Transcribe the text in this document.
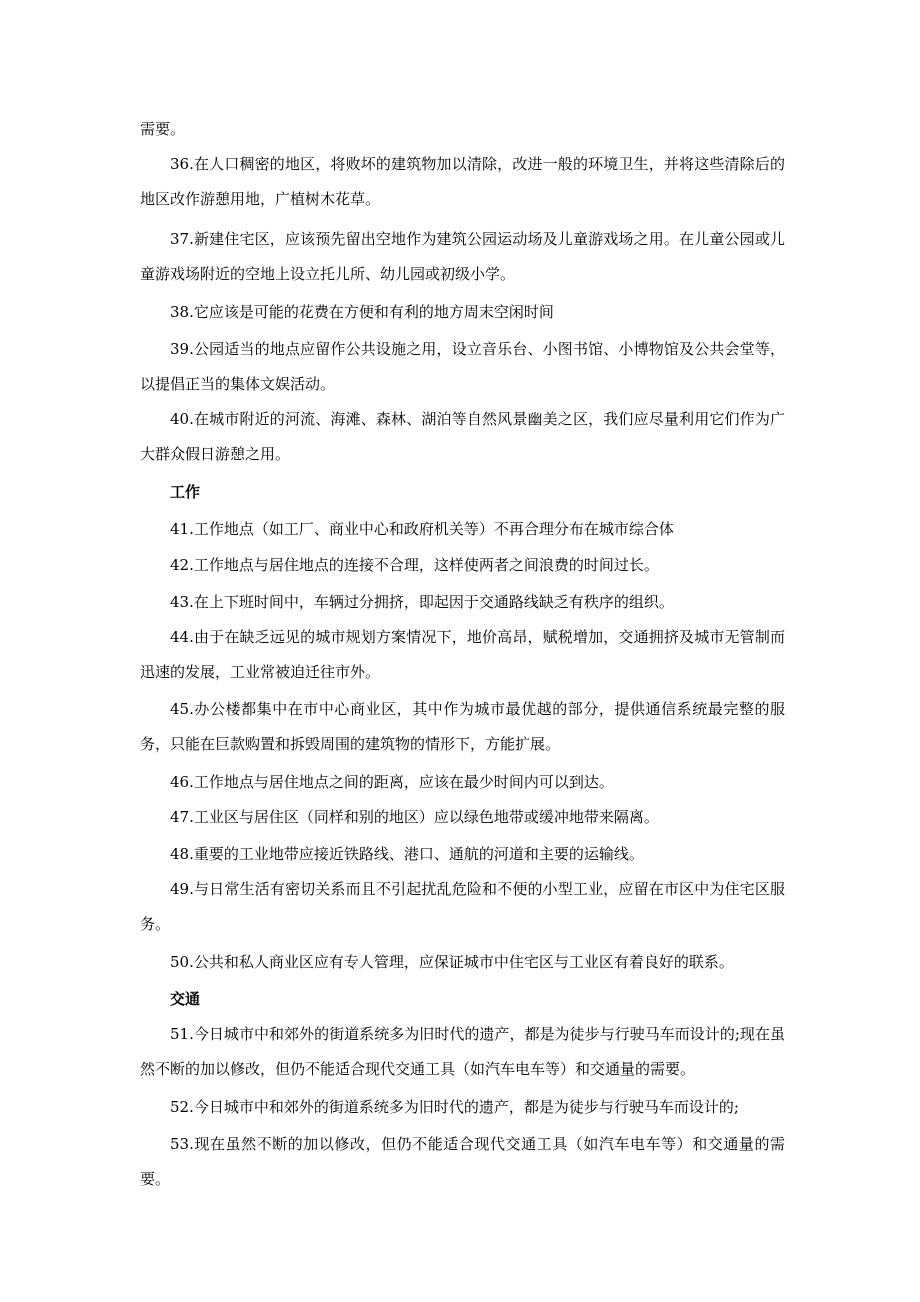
需要。

36.在人口稠密的地区，将败坏的建筑物加以清除，改进一般的环境卫生，并将这些清除后的地区改作游憩用地，广植树木花草。

37.新建住宅区，应该预先留出空地作为建筑公园运动场及儿童游戏场之用。在儿童公园或儿童游戏场附近的空地上设立托儿所、幼儿园或初级小学。

38.它应该是可能的花费在方便和有利的地方周末空闲时间

39.公园适当的地点应留作公共设施之用，设立音乐台、小图书馆、小博物馆及公共会堂等，以提倡正当的集体文娱活动。

40.在城市附近的河流、海滩、森林、湖泊等自然风景幽美之区，我们应尽量利用它们作为广大群众假日游憩之用。

工作

41.工作地点（如工厂、商业中心和政府机关等）不再合理分布在城市综合体

42.工作地点与居住地点的连接不合理，这样使两者之间浪费的时间过长。

43.在上下班时间中，车辆过分拥挤，即起因于交通路线缺乏有秩序的组织。

44.由于在缺乏远见的城市规划方案情况下，地价高昂，赋税增加，交通拥挤及城市无管制而迅速的发展，工业常被迫迁往市外。

45.办公楼都集中在市中心商业区，其中作为城市最优越的部分，提供通信系统最完整的服务，只能在巨款购置和拆毁周围的建筑物的情形下，方能扩展。

46.工作地点与居住地点之间的距离，应该在最少时间内可以到达。

47.工业区与居住区（同样和别的地区）应以绿色地带或缓冲地带来隔离。

48.重要的工业地带应接近铁路线、港口、通航的河道和主要的运输线。

49.与日常生活有密切关系而且不引起扰乱危险和不便的小型工业，应留在市区中为住宅区服务。

50.公共和私人商业区应有专人管理，应保证城市中住宅区与工业区有着良好的联系。

交通

51.今日城市中和郊外的街道系统多为旧时代的遗产，都是为徒步与行驶马车而设计的;现在虽然不断的加以修改，但仍不能适合现代交通工具（如汽车电车等）和交通量的需要。

52.今日城市中和郊外的街道系统多为旧时代的遗产，都是为徒步与行驶马车而设计的;

53.现在虽然不断的加以修改，但仍不能适合现代交通工具（如汽车电车等）和交通量的需要。
